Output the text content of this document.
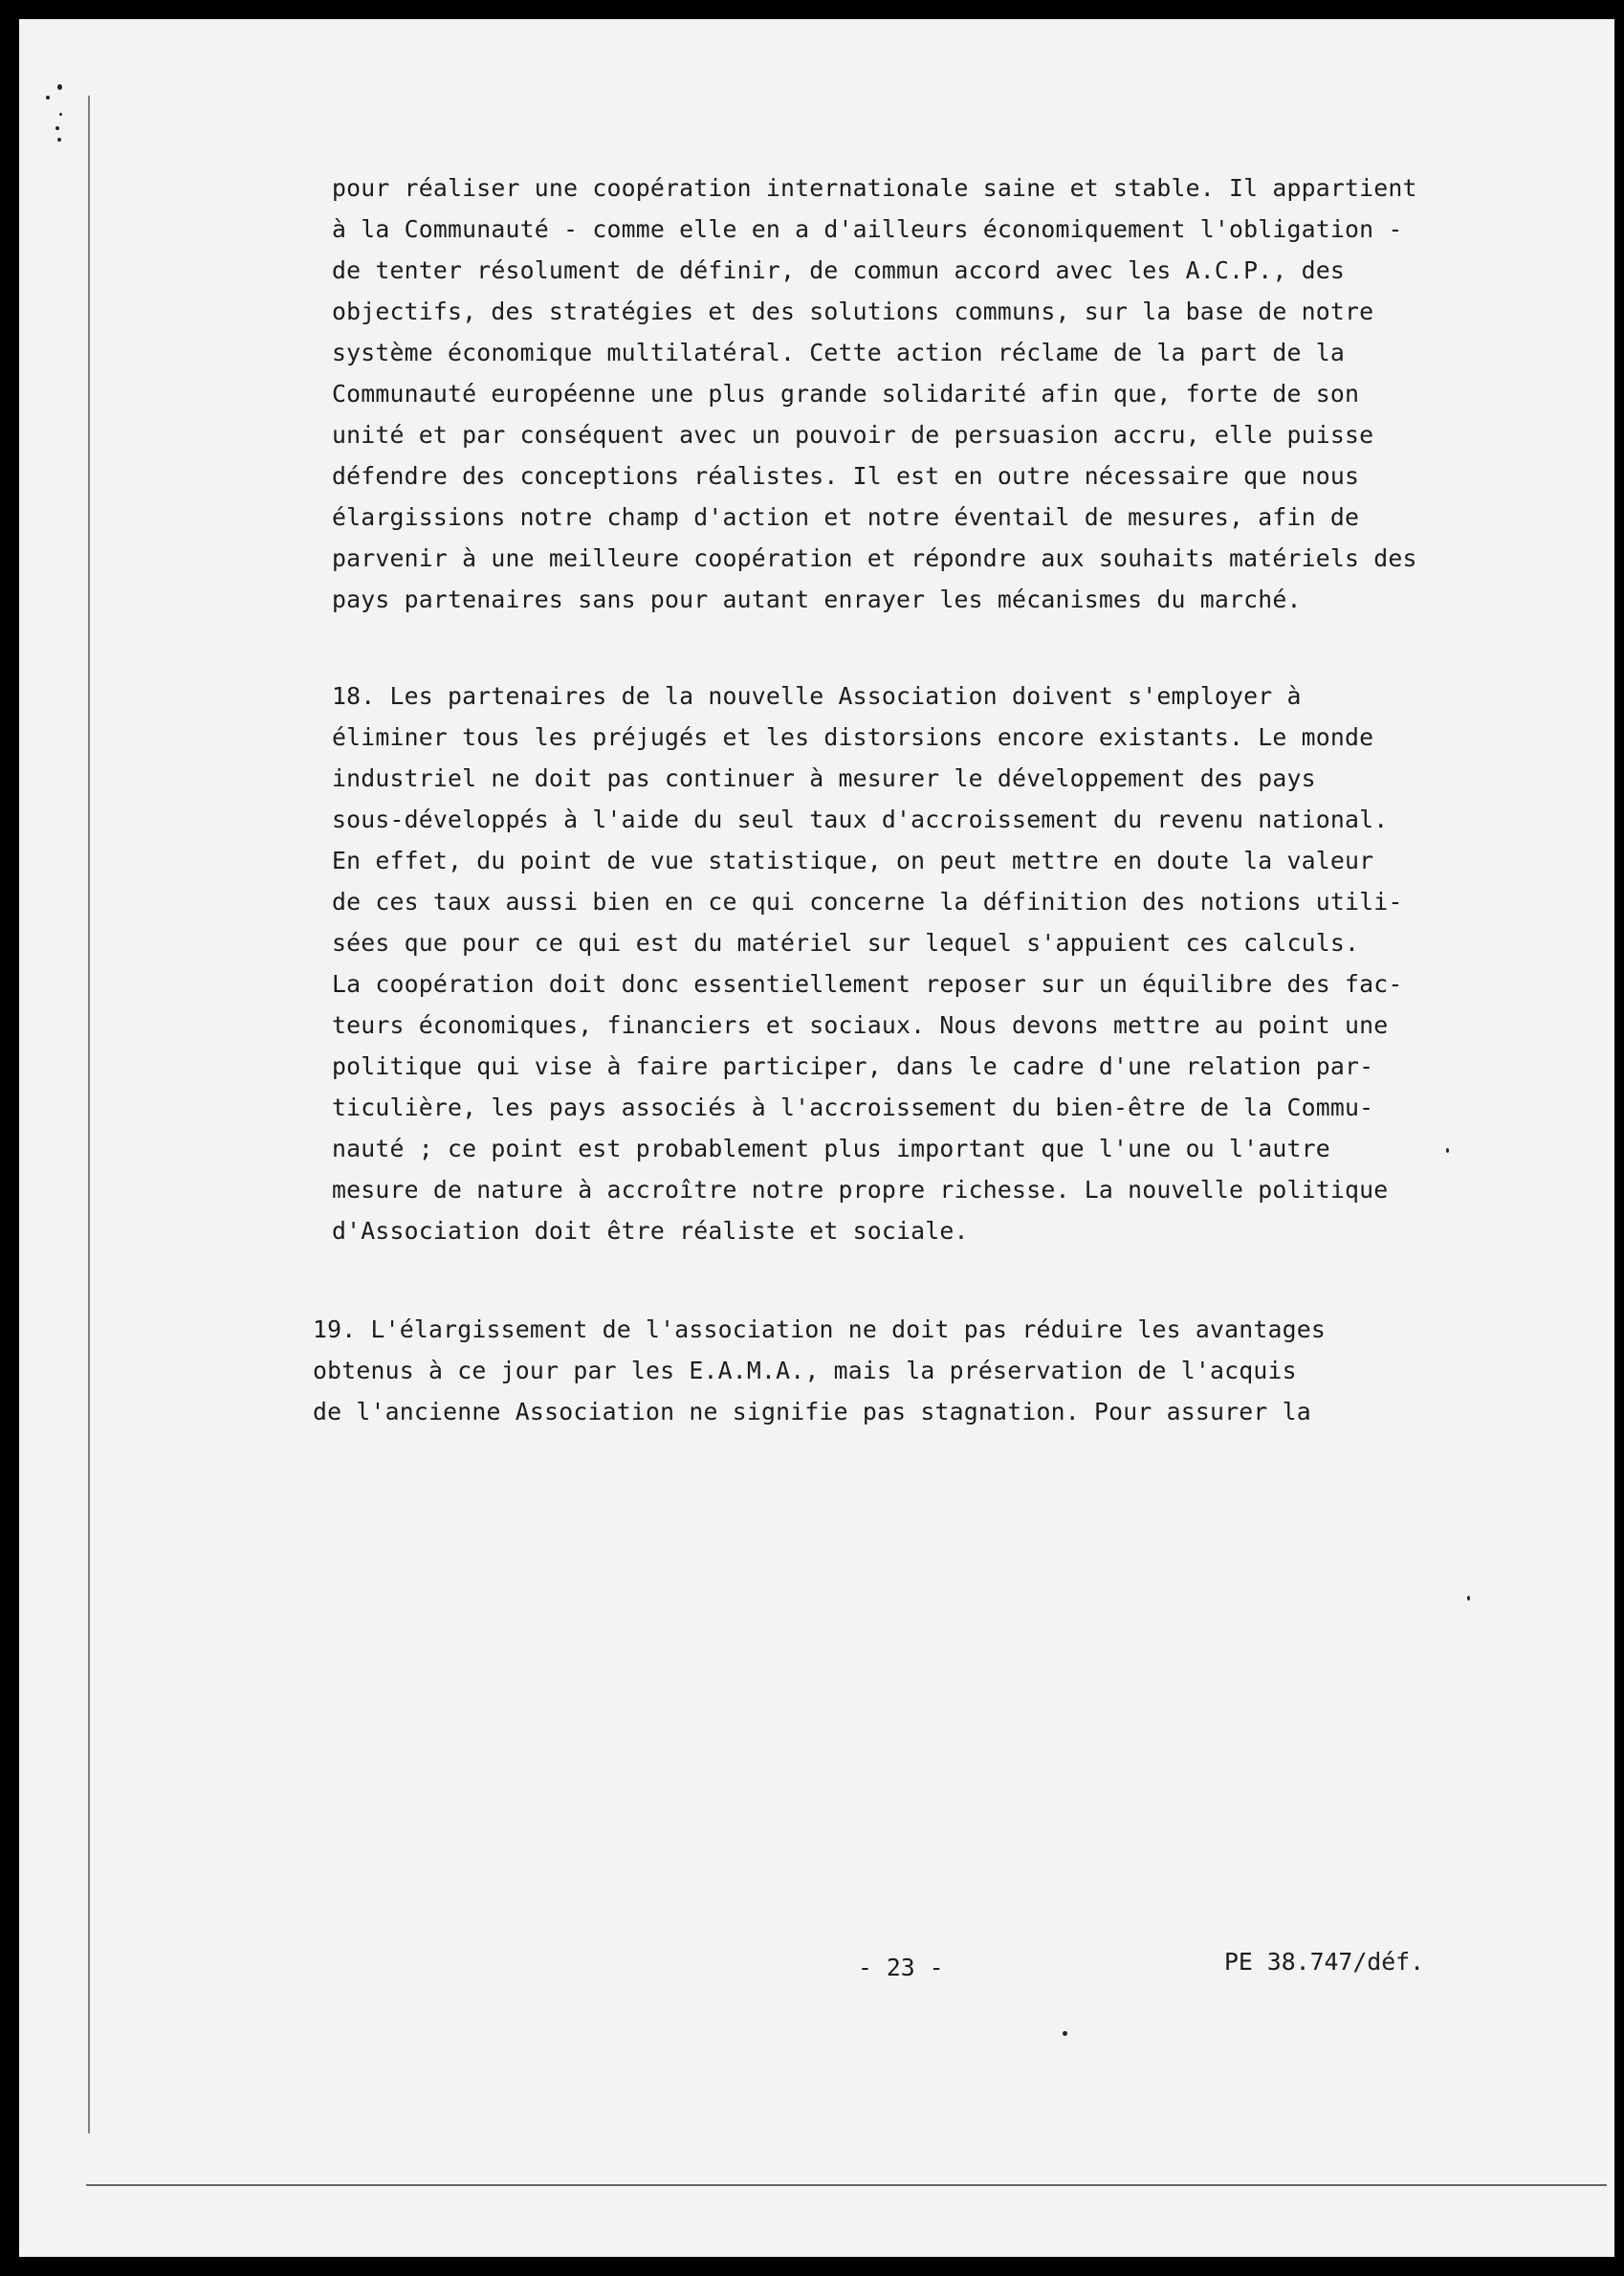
pour réaliser une coopération internationale saine et stable. Il appartient
à la Communauté - comme elle en a d'ailleurs économiquement l'obligation -
de tenter résolument de définir, de commun accord avec les A.C.P., des
objectifs, des stratégies et des solutions communs, sur la base de notre
système économique multilatéral. Cette action réclame de la part de la
Communauté européenne une plus grande solidarité afin que, forte de son
unité et par conséquent avec un pouvoir de persuasion accru, elle puisse
défendre des conceptions réalistes. Il est en outre nécessaire que nous
élargissions notre champ d'action et notre éventail de mesures, afin de
parvenir à une meilleure coopération et répondre aux souhaits matériels des
pays partenaires sans pour autant enrayer les mécanismes du marché.
18. Les partenaires de la nouvelle Association doivent s'employer à
éliminer tous les préjugés et les distorsions encore existants. Le monde
industriel ne doit pas continuer à mesurer le développement des pays
sous-développés à l'aide du seul taux d'accroissement du revenu national.
En effet, du point de vue statistique, on peut mettre en doute la valeur
de ces taux aussi bien en ce qui concerne la définition des notions utili-
sées que pour ce qui est du matériel sur lequel s'appuient ces calculs.
La coopération doit donc essentiellement reposer sur un équilibre des fac-
teurs économiques, financiers et sociaux. Nous devons mettre au point une
politique qui vise à faire participer, dans le cadre d'une relation par-
ticulière, les pays associés à l'accroissement du bien-être de la Commu-
nauté ; ce point est probablement plus important que l'une ou l'autre
mesure de nature à accroître notre propre richesse. La nouvelle politique
d'Association doit être réaliste et sociale.
19. L'élargissement de l'association ne doit pas réduire les avantages
obtenus à ce jour par les E.A.M.A., mais la préservation de l'acquis
de l'ancienne Association ne signifie pas stagnation. Pour assurer la
- 23 -	PE 38.747/déf.
